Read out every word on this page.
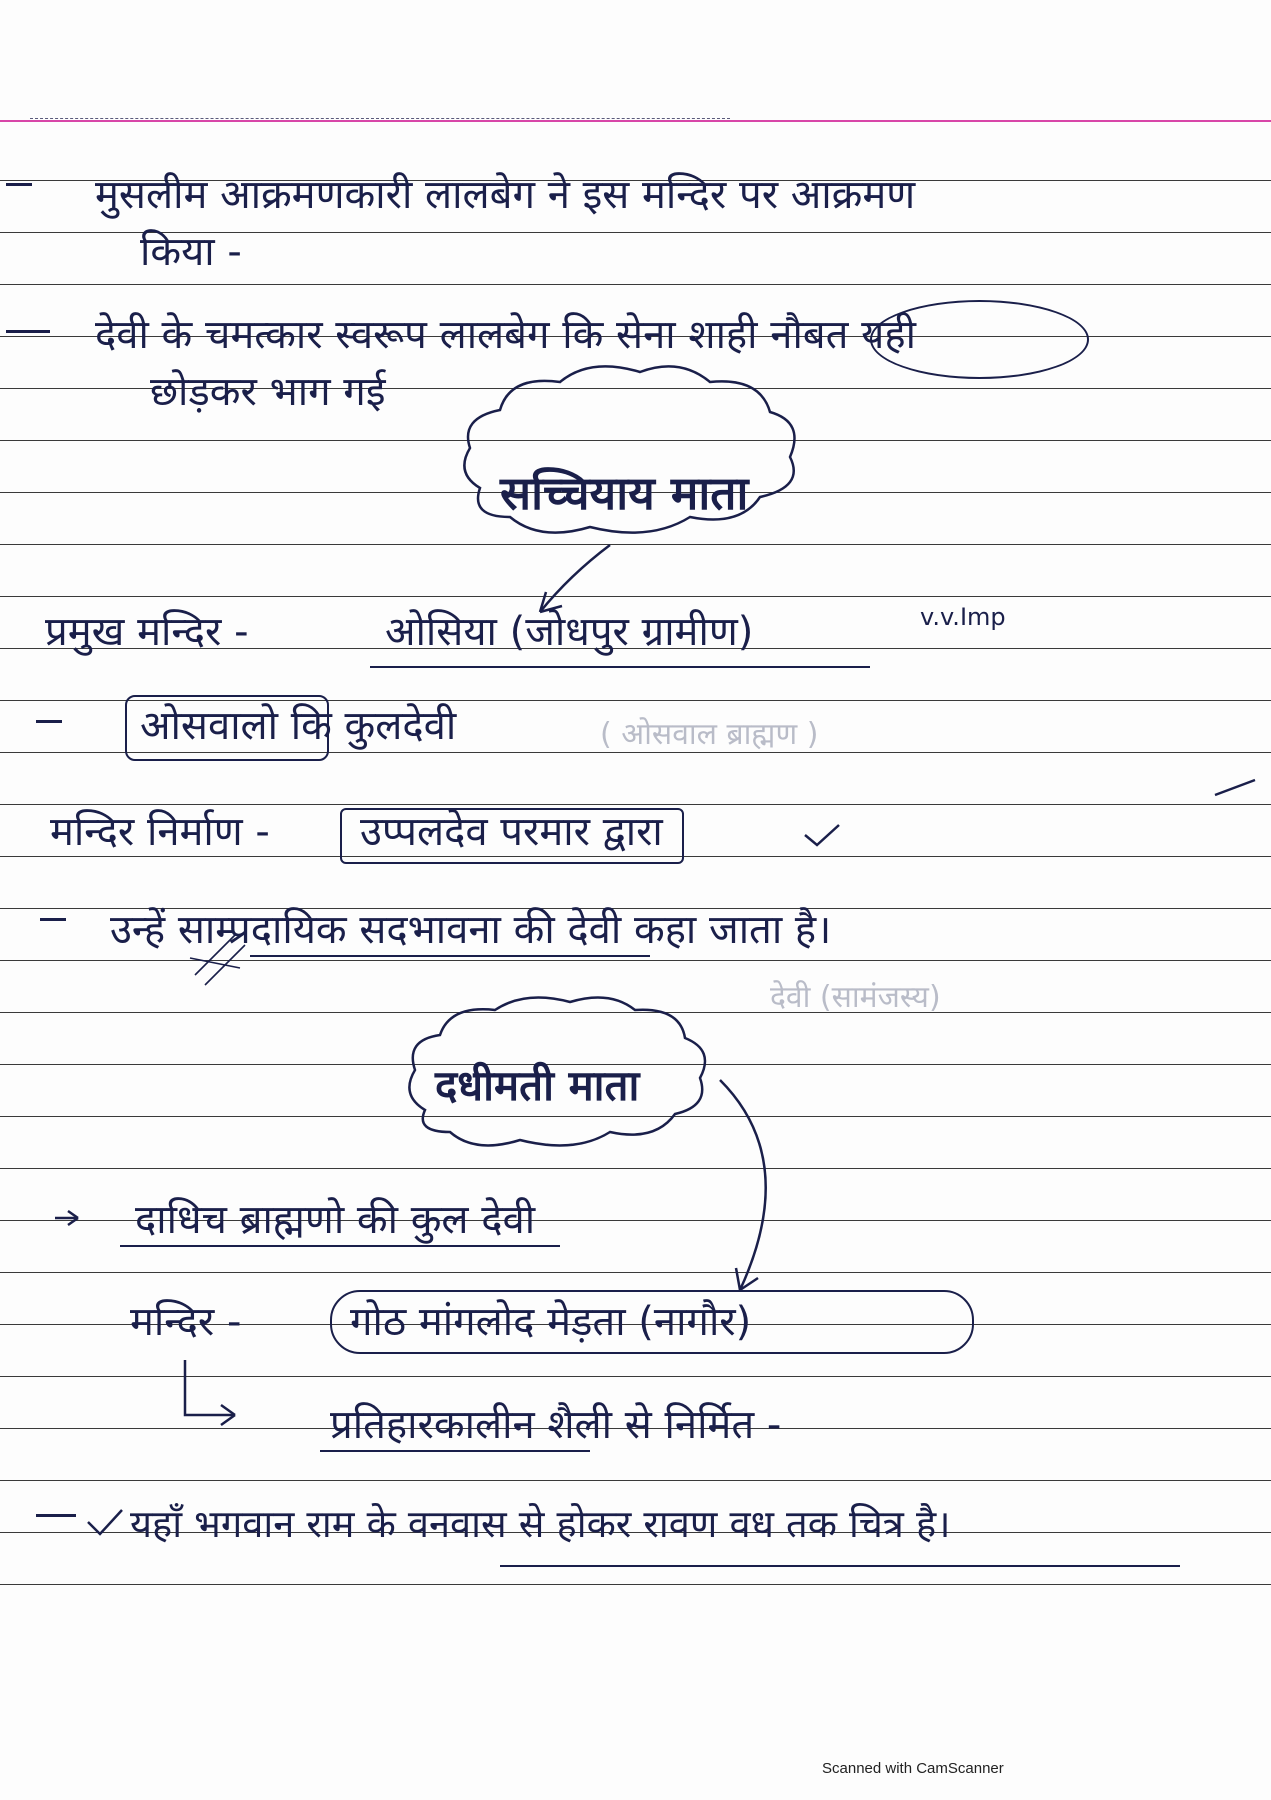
मुसलीम आक्रमणकारी लालबेग ने इस मन्दिर पर आक्रमण
किया -
देवी के चमत्कार स्वरूप लालबेग कि सेना शाही नौबत यही
छोड़कर भाग गई
सच्चियाय माता
प्रमुख मन्दिर -	ओसिया (जोधपुर ग्रामीण)	v.v.Imp
ओसवालो कि कुलदेवी	( ओसवाल ब्राह्मण )
मन्दिर निर्माण - उप्पलदेव परमार द्वारा
उन्हें साम्प्रदायिक सदभावना की देवी कहा जाता है।
देवी (सामंजस्य)
दधीमती माता
दाधिच ब्राह्मणो की कुल देवी
मन्दिर -	गोठ मांगलोद मेड़ता (नागौर)
प्रतिहारकालीन शैली से निर्मित -
यहाँ भगवान राम के वनवास से होकर रावण वध तक चित्र है।
Scanned with CamScanner
